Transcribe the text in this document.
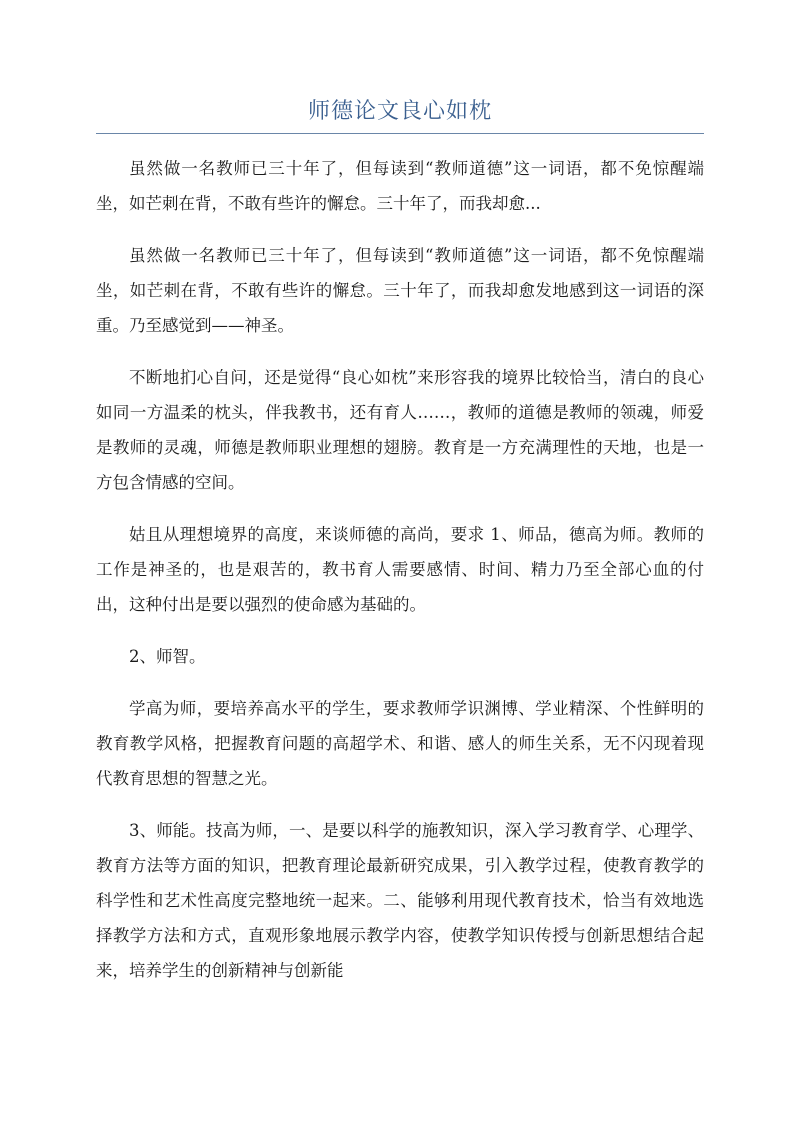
师德论文良心如枕

虽然做一名教师已三十年了，但每读到“教师道德”这一词语，都不免惊醒端坐，如芒刺在背，不敢有些许的懈怠。三十年了，而我却愈...

虽然做一名教师已三十年了，但每读到“教师道德”这一词语，都不免惊醒端坐，如芒刺在背，不敢有些许的懈怠。三十年了，而我却愈发地感到这一词语的深重。乃至感觉到——神圣。

不断地扪心自问，还是觉得“良心如枕”来形容我的境界比较恰当，清白的良心如同一方温柔的枕头，伴我教书，还有育人……，教师的道德是教师的领魂，师爱是教师的灵魂，师德是教师职业理想的翅膀。教育是一方充满理性的天地，也是一方包含情感的空间。

姑且从理想境界的高度，来谈师德的高尚，要求 1、师品，德高为师。教师的工作是神圣的，也是艰苦的，教书育人需要感情、时间、精力乃至全部心血的付出，这种付出是要以强烈的使命感为基础的。

2、师智。

学高为师，要培养高水平的学生，要求教师学识渊博、学业精深、个性鲜明的教育教学风格，把握教育问题的高超学术、和谐、感人的师生关系，无不闪现着现代教育思想的智慧之光。

3、师能。技高为师，一、是要以科学的施教知识，深入学习教育学、心理学、教育方法等方面的知识，把教育理论最新研究成果，引入教学过程，使教育教学的科学性和艺术性高度完整地统一起来。二、能够利用现代教育技术，恰当有效地选择教学方法和方式，直观形象地展示教学内容，使教学知识传授与创新思想结合起来，培养学生的创新精神与创新能
